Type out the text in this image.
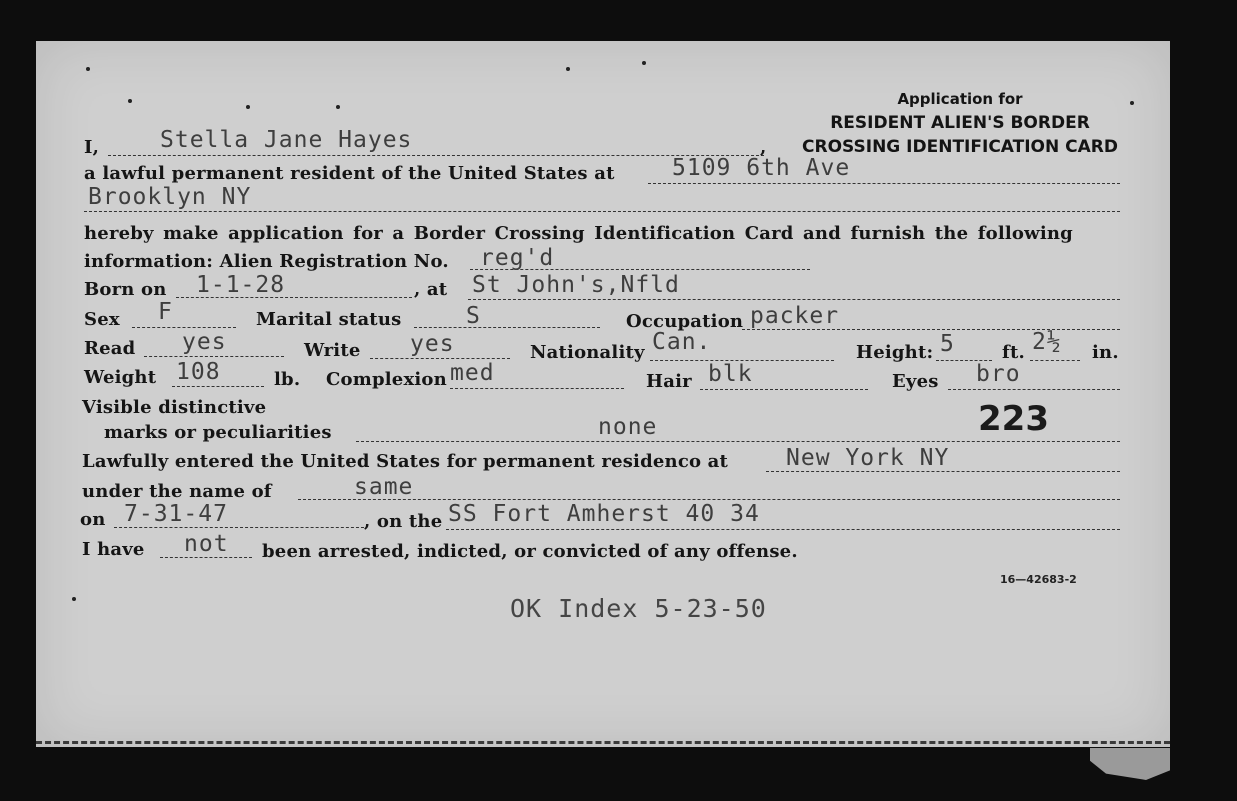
Application for
RESIDENT ALIEN'S BORDER
CROSSING IDENTIFICATION CARD
I,	,
Stella Jane Hayes
a lawful permanent resident of the United States at 5109 6th Ave
Brooklyn NY
hereby make application for a Border Crossing Identification Card and furnish the following
information: Alien Registration No. reg'd
Born on 1-1-28	, at St John's,Nfld
Sex F	Marital status	S	Occupation packer
Read yes	Write yes	Nationality Can.	Height: 5	ft. 2½ in.
Weight 108	lb. Complexion med	Hair blk	Eyes bro
Visible distinctive
marks or peculiarities	none	223
Lawfully entered the United States for permanent residenco at	New York NY
under the name of	same
on 7-31-47	, on the SS Fort Amherst 40 34
I have not been arrested, indicted, or convicted of any offense.
16—42683-2
OK Index 5-23-50
